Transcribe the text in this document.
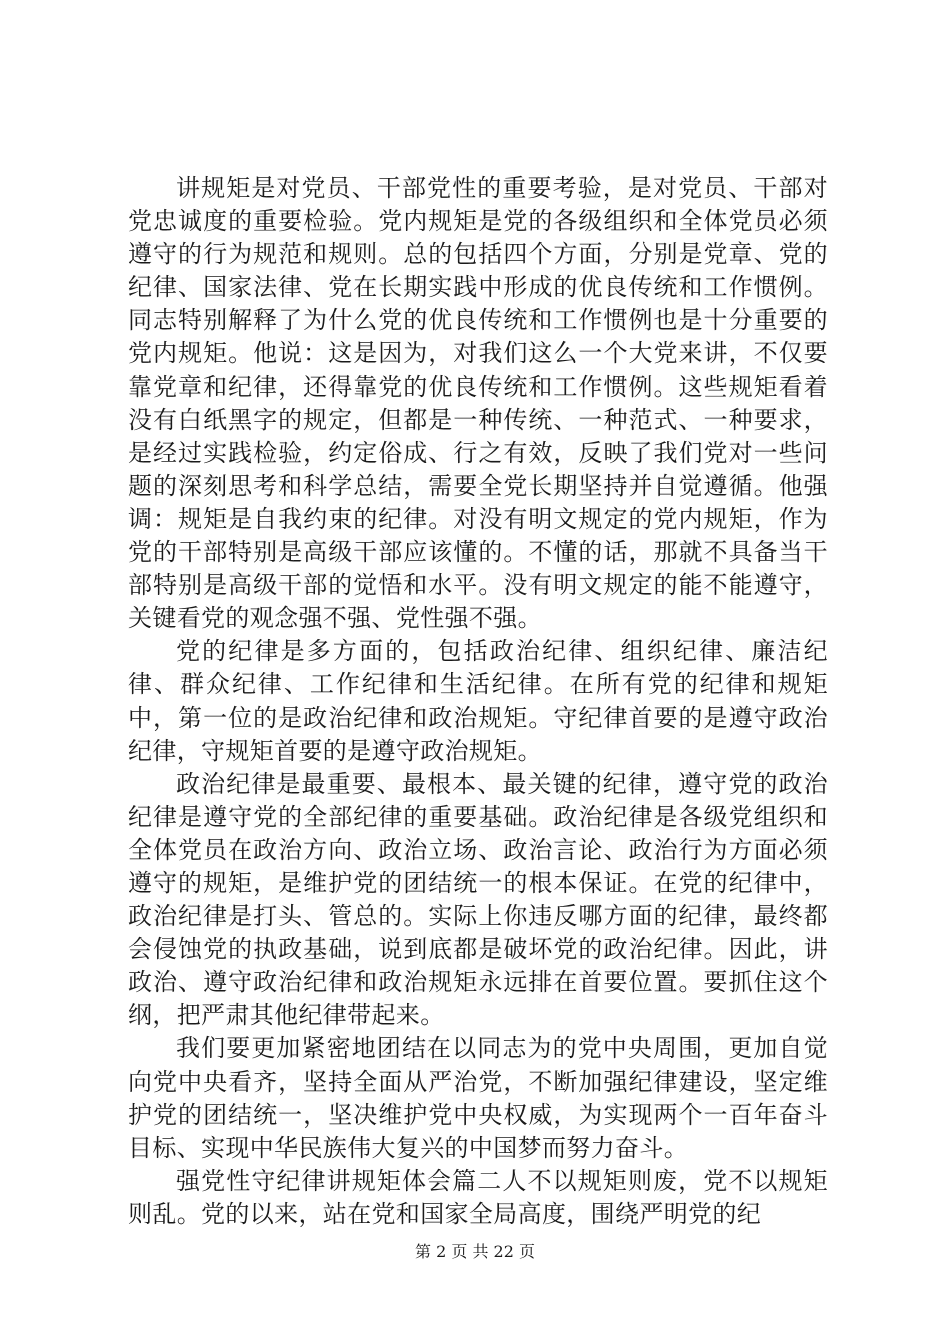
讲规矩是对党员、干部党性的重要考验，是对党员、干部对党忠诚度的重要检验。党内规矩是党的各级组织和全体党员必须遵守的行为规范和规则。总的包括四个方面，分别是党章、党的纪律、国家法律、党在长期实践中形成的优良传统和工作惯例。同志特别解释了为什么党的优良传统和工作惯例也是十分重要的党内规矩。他说：这是因为，对我们这么一个大党来讲，不仅要靠党章和纪律，还得靠党的优良传统和工作惯例。这些规矩看着没有白纸黑字的规定，但都是一种传统、一种范式、一种要求，是经过实践检验，约定俗成、行之有效，反映了我们党对一些问题的深刻思考和科学总结，需要全党长期坚持并自觉遵循。他强调：规矩是自我约束的纪律。对没有明文规定的党内规矩，作为党的干部特别是高级干部应该懂的。不懂的话，那就不具备当干部特别是高级干部的觉悟和水平。没有明文规定的能不能遵守，关键看党的观念强不强、党性强不强。

党的纪律是多方面的，包括政治纪律、组织纪律、廉洁纪律、群众纪律、工作纪律和生活纪律。在所有党的纪律和规矩中，第一位的是政治纪律和政治规矩。守纪律首要的是遵守政治纪律，守规矩首要的是遵守政治规矩。

政治纪律是最重要、最根本、最关键的纪律，遵守党的政治纪律是遵守党的全部纪律的重要基础。政治纪律是各级党组织和全体党员在政治方向、政治立场、政治言论、政治行为方面必须遵守的规矩，是维护党的团结统一的根本保证。在党的纪律中，政治纪律是打头、管总的。实际上你违反哪方面的纪律，最终都会侵蚀党的执政基础，说到底都是破坏党的政治纪律。因此，讲政治、遵守政治纪律和政治规矩永远排在首要位置。要抓住这个纲，把严肃其他纪律带起来。

我们要更加紧密地团结在以同志为的党中央周围，更加自觉向党中央看齐，坚持全面从严治党，不断加强纪律建设，坚定维护党的团结统一，坚决维护党中央权威，为实现两个一百年奋斗目标、实现中华民族伟大复兴的中国梦而努力奋斗。

强党性守纪律讲规矩体会篇二人不以规矩则废，党不以规矩则乱。党的以来，站在党和国家全局高度，围绕严明党的纪

第 2 页 共 22 页
